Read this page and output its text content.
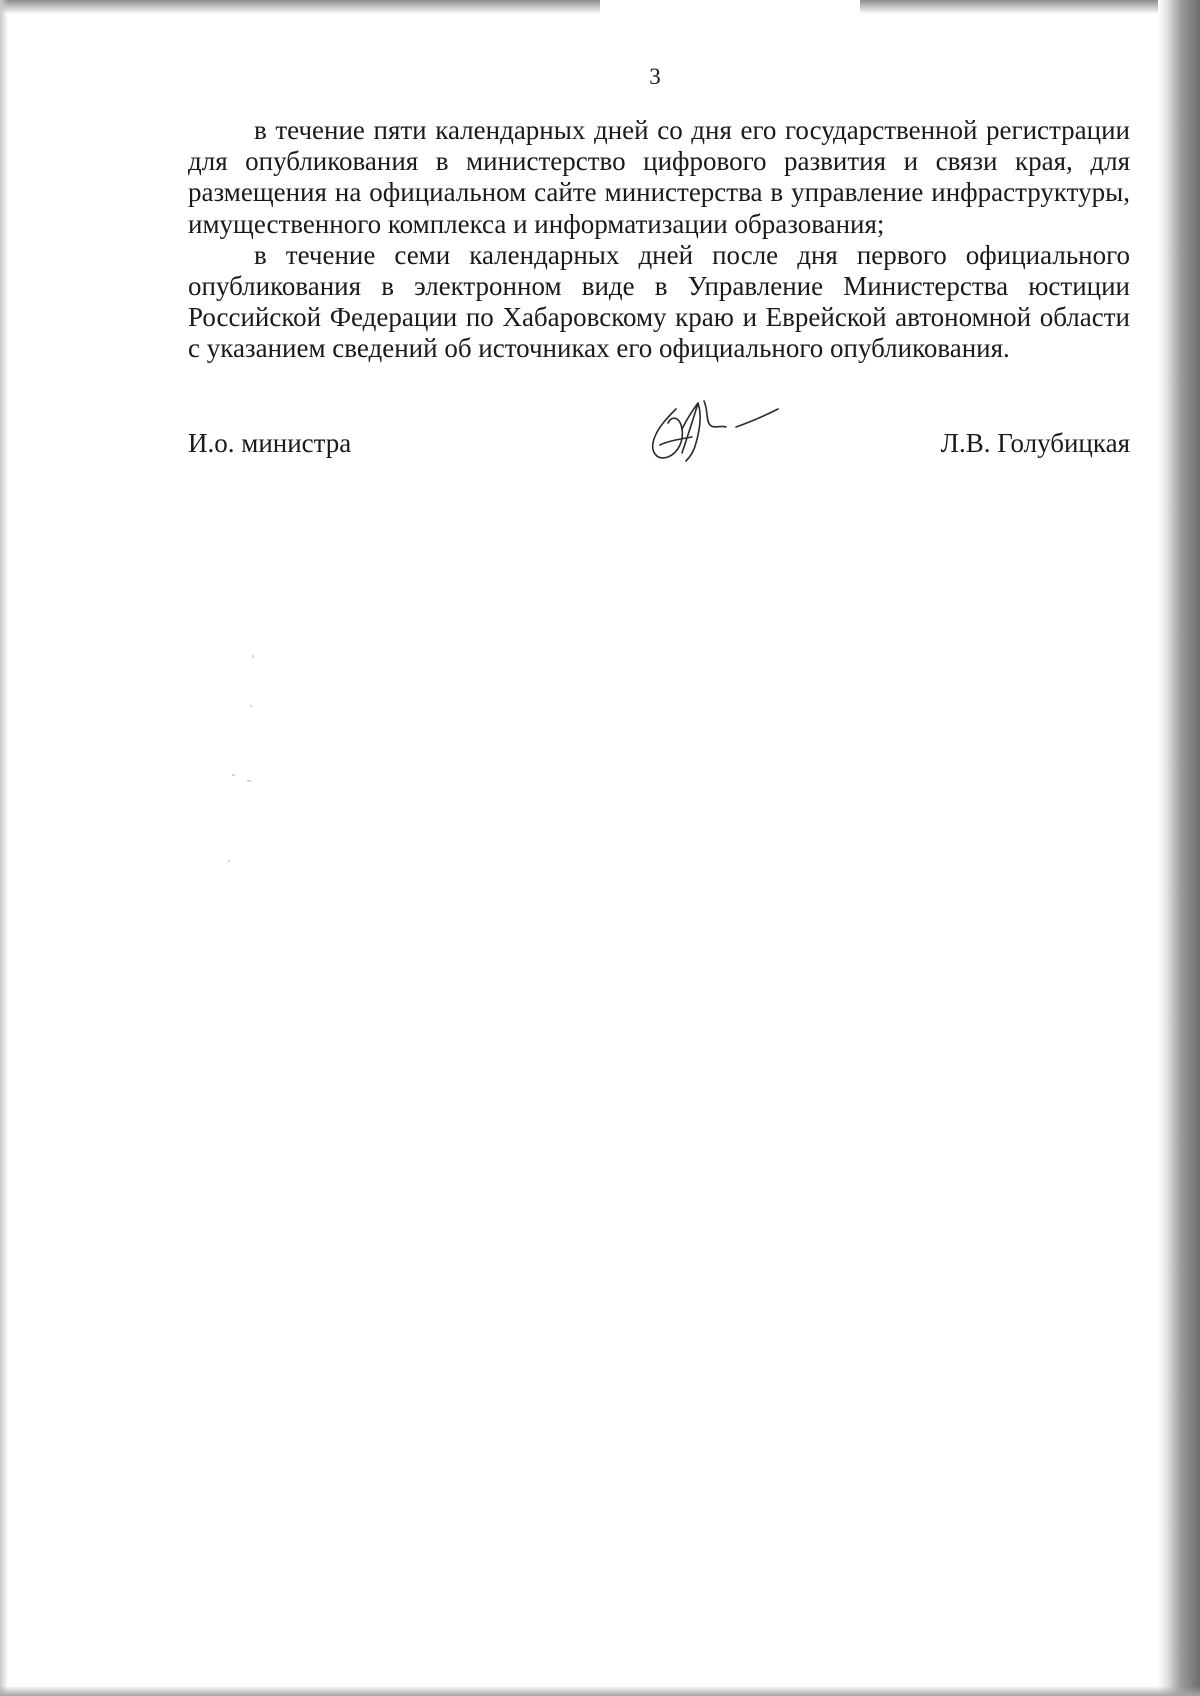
3

в течение пяти календарных дней со дня его государственной регистрации для опубликования в министерство цифрового развития и связи края, для размещения на официальном сайте министерства в управление инфраструктуры, имущественного комплекса и информатизации образования;

в течение семи календарных дней после дня первого официального опубликования в электронном виде в Управление Министерства юстиции Российской Федерации по Хабаровскому краю и Еврейской автономной области с указанием сведений об источниках его официального опубликования.

И.о. министра	Л.В. Голубицкая
